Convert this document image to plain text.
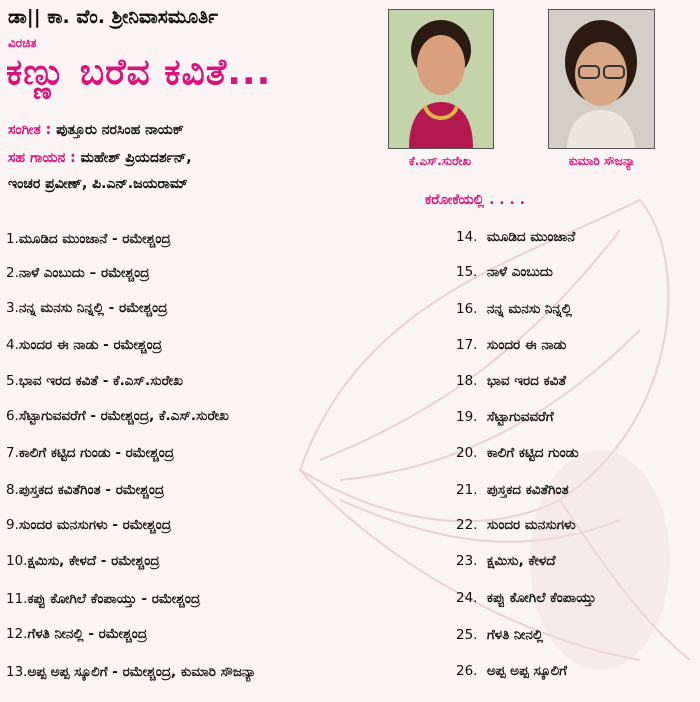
ಡಾ|| ಕಾ. ವೆಂ. ಶ್ರೀನಿವಾಸಮೂರ್ತಿ
ವಿರಚಿತ
ಕಣ್ಣು ಬರೆವ ಕವಿತೆ...
ಸಂಗೀತ : ಪುತ್ತೂರು ನರಸಿಂಹ ನಾಯಕ್
ಸಹ ಗಾಯನ : ಮಹೇಶ್ ಪ್ರಿಯದರ್ಶನ್,
ಇಂಚರ ಪ್ರವೀಣ್, ಪಿ.ಎನ್.ಜಯರಾಮ್
ಕೆ.ಎಸ್.ಸುರೇಖ	ಕುಮಾರಿ ಸೌಜನ್ಯಾ
ಕರೋಕೆಯಲ್ಲಿ . . . .
1.ಮೂಡಿದ ಮುಂಜಾನೆ - ರಮೇಶ್ಚಂದ್ರ
2.ನಾಳೆ ಎಂಬುದು – ರಮೇಶ್ಚಂದ್ರ
3.ನನ್ನ ಮನಸು ನಿನ್ನಲ್ಲಿ - ರಮೇಶ್ಚಂದ್ರ
4.ಸುಂದರ ಈ ನಾಡು - ರಮೇಶ್ಚಂದ್ರ
5.ಭಾವ ಇರದ ಕವಿತೆ - ಕೆ.ಎಸ್.ಸುರೇಖ
6.ಸೆಟ್ಟಾಗುವವರೆಗೆ - ರಮೇಶ್ಚಂದ್ರ, ಕೆ.ಎಸ್.ಸುರೇಖ
7.ಕಾಲಿಗೆ ಕಟ್ಟಿದ ಗುಂಡು - ರಮೇಶ್ಚಂದ್ರ
8.ಪುಸ್ತಕದ ಕವಿತೆಗಿಂತ - ರಮೇಶ್ಚಂದ್ರ
9.ಸುಂದರ ಮನಸುಗಳು - ರಮೇಶ್ಚಂದ್ರ
10.ಕ್ಷಮಿಸು, ಕೇಳದೆ - ರಮೇಶ್ಚಂದ್ರ
11.ಕಪ್ಪು ಕೋಗಿಲೆ ಕೆಂಪಾಯ್ತು - ರಮೇಶ್ಚಂದ್ರ
12.ಗೆಳತಿ ನೀನಲ್ಲಿ - ರಮೇಶ್ಚಂದ್ರ
13.ಅಪ್ಪ ಅಪ್ಪ ಸ್ಕೂಲಿಗೆ - ರಮೇಶ್ಚಂದ್ರ, ಕುಮಾರಿ ಸೌಜನ್ಯಾ
14. ಮೂಡಿದ ಮುಂಜಾನೆ
15. ನಾಳೆ ಎಂಬುದು
16. ನನ್ನ ಮನಸು ನಿನ್ನಲ್ಲಿ
17. ಸುಂದರ ಈ ನಾಡು
18. ಭಾವ ಇರದ ಕವಿತೆ
19. ಸೆಟ್ಟಾಗುವವರೆಗೆ
20. ಕಾಲಿಗೆ ಕಟ್ಟಿದ ಗುಂಡು
21. ಪುಸ್ತಕದ ಕವಿತೆಗಿಂತ
22. ಸುಂದರ ಮನಸುಗಳು
23. ಕ್ಷಮಿಸು, ಕೇಳದೆ
24. ಕಪ್ಪು ಕೋಗಿಲೆ ಕೆಂಪಾಯ್ತು
25. ಗೆಳತಿ ನೀನಲ್ಲಿ
26. ಅಪ್ಪ ಅಪ್ಪ ಸ್ಕೂಲಿಗೆ
